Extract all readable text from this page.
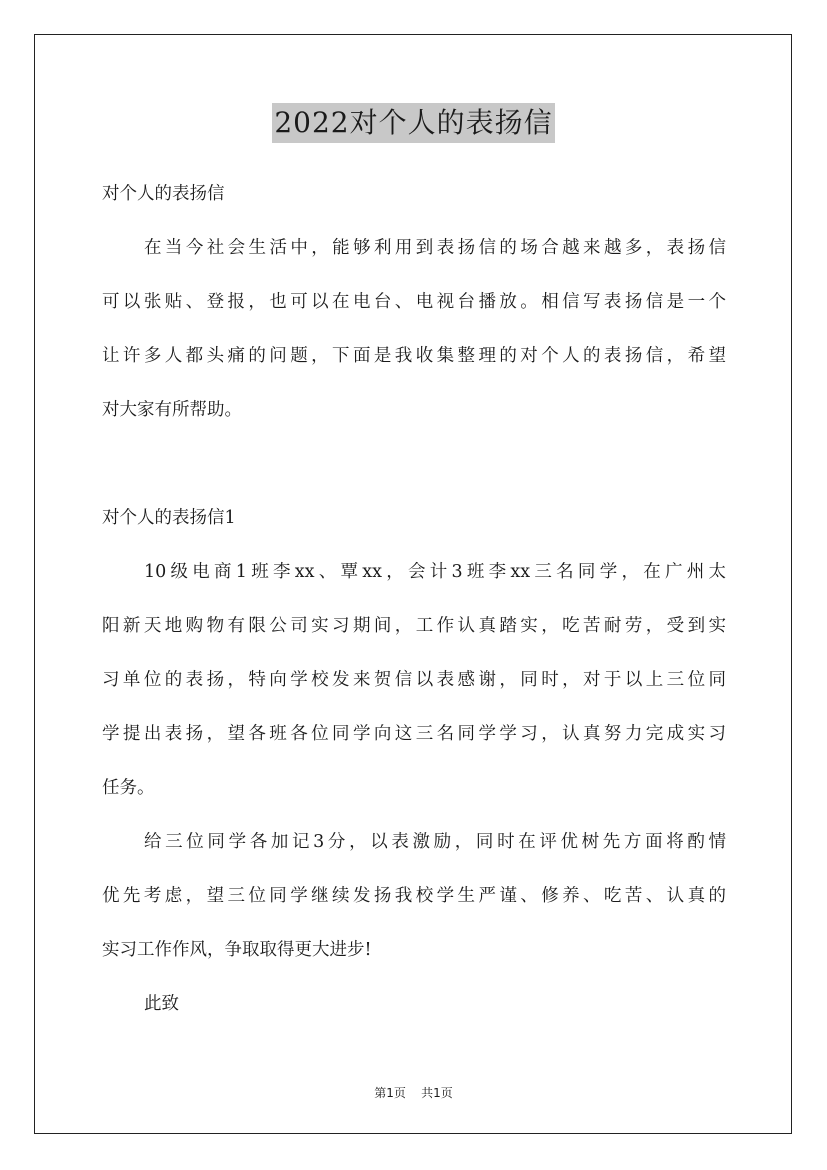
2022对个人的表扬信
对个人的表扬信
在当今社会生活中，能够利用到表扬信的场合越来越多，表扬信
可以张贴、登报，也可以在电台、电视台播放。相信写表扬信是一个
让许多人都头痛的问题，下面是我收集整理的对个人的表扬信，希望
对大家有所帮助。
对个人的表扬信1
10级电商1班李xx、覃xx，会计3班李xx三名同学，在广州太
阳新天地购物有限公司实习期间，工作认真踏实，吃苦耐劳，受到实
习单位的表扬，特向学校发来贺信以表感谢，同时，对于以上三位同
学提出表扬，望各班各位同学向这三名同学学习，认真努力完成实习
任务。
给三位同学各加记3分，以表激励，同时在评优树先方面将酌情
优先考虑，望三位同学继续发扬我校学生严谨、修养、吃苦、认真的
实习工作作风，争取取得更大进步!
此致
第1页 共1页
